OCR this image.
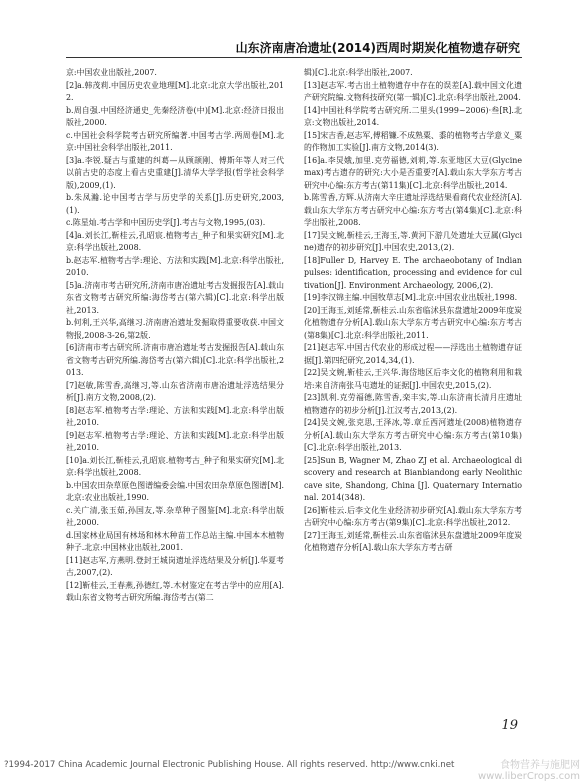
山东济南唐冶遗址(2014)西周时期炭化植物遗存研究

京:中国农业出版社,2007.

[2]a.韩茂莉.中国历史农业地理[M].北京:北京大学出版社,2012.

b.周自强.中国经济通史_先秦经济卷(中)[M].北京:经济日报出版社,2000.

c.中国社会科学院考古研究所编著.中国考古学.两周卷[M].北京:中国社会科学出版社,2011.

[3]a.李锐.疑古与重建的纠葛—从顾颉刚、傅斯年等人对三代以前古史的态度上看古史重建[J].清华大学学报(哲学社会科学版),2009,(1).

b.朱凤瀚.论中国考古学与历史学的关系[J].历史研究,2003,(1).

c.陈星灿.考古学和中国历史学[J].考古与文物,1995,(03).

[4]a.刘长江,靳桂云,孔昭宸.植物考古_种子和果实研究[M].北京:科学出版社,2008.

b.赵志军.植物考古学:理论、方法和实践[M].北京:科学出版社,2010.

[5]a.济南市考古研究所,济南市唐冶遗址考古发掘报告[A].载山东省文物考古研究所编:海岱考古(第六辑)[C].北京:科学出版社,2013.

b.何利,王兴华,高继习.济南唐冶遗址发掘取得重要收获.中国文物报,2008-3-26,第2版.

[6]济南市考古研究所.济南市唐冶遗址考古发掘报告[A].载山东省文物考古研究所编.海岱考古(第六辑)[C].北京:科学出版社,2013.

[7]赵敏,陈雪香,高继习,等.山东省济南市唐冶遗址浮选结果分析[J].南方文物,2008,(2).

[8]赵志军.植物考古学:理论、方法和实践[M].北京:科学出版社,2010.

[9]赵志军.植物考古学:理论、方法和实践[M].北京:科学出版社,2010.

[10]a.刘长江,靳桂云,孔昭宸.植物考古_种子和果实研究[M].北京:科学出版社,2008.

b.中国农田杂草原色图谱编委会编.中国农田杂草原色图谱[M].北京:农业出版社,1990.

c.关广清,张玉茹,孙国友,等.杂草种子图鉴[M].北京:科学出版社,2000.

d.国家林业局国有林场和林木种苗工作总站主编.中国本木植物种子.北京:中国林业出版社,2001.

[11]赵志军,方燕明.登封王城岗遗址浮选结果及分析[J].华夏考古,2007,(2).

[12]靳桂云,王春燕,孙德红,等.木材鉴定在考古学中的应用[A].载山东省文物考古研究所编.海岱考古(第二

辑)[C].北京:科学出版社,2007.

[13]赵志军.考古出土植物遗存中存在的误差[A].载中国文化遗产研究院编.文物科技研究(第一辑)[C].北京:科学出版社,2004.

[14]中国社科学院考古研究所.二里头(1999~2006)·叁[R].北京:文物出版社,2014.

[15]宋吉香,赵志军,傅稻镰.不成熟粟、黍的植物考古学意义_粟的作物加工实验[J].南方文物,2014(3).

[16]a.李炅娥,加里.克劳福德,刘莉,等.东亚地区大豆(Glycine max)考古遗存的研究:大小是否重要?[A].载山东大学东方考古研究中心编:东方考古(第11集)[C].北京:科学出版社,2014.

b.陈雪香,方辉.从济南大辛庄遗址浮选结果看商代农业经济[A].载山东大学东方考古研究中心编:东方考古(第4集)[C].北京:科学出版社,2008.

[17]吴文婉,靳桂云,王海玉,等.黄河下游几处遗址大豆属(Glycine)遗存的初步研究[J].中国农史,2013,(2).

[18]Fuller D, Harvey E. The archaeobotany of Indian pulses: identification, processing and evidence for cultivation[J]. Environment Archaeology, 2006,(2).

[19]李汉锦主编.中国牧草志[M].北京:中国农业出版社,1998.

[20]王海玉,刘延常,靳桂云.山东省临沭县东盘遗址2009年度炭化植物遗存分析[A].载山东大学东方考古研究中心编:东方考古(第8集)[C].北京:科学出版社,2011.

[21]赵志军.中国古代农业的形成过程——浮选出土植物遗存证据[J].第四纪研究,2014,34,(1).

[22]吴文婉,靳桂云,王兴华.海岱地区后李文化的植物利用和栽培:来自济南张马屯遗址的证据[J].中国农史,2015,(2).

[23]凯利.克劳福德,陈雪香,栾丰实,等.山东济南长清月庄遗址植物遗存的初步分析[J].江汉考古,2013,(2).

[24]吴文婉,张克思,王泽冰,等.章丘西河遗址(2008)植物遗存分析[A].载山东大学东方考古研究中心编:东方考古(第10集)[C].北京:科学出版社,2013.

[25]Sun B, Wagner M, Zhao ZJ et al. Archaeological discovery and research at Bianbiandong early Neolithic cave site, Shandong, China [J]. Quaternary International. 2014(348).

[26]靳桂云.后李文化生业经济初步研究[A].载山东大学东方考古研究中心编:东方考古(第9集)[C].北京:科学出版社,2012.

[27]王海玉,刘延常,靳桂云.山东省临沭县东盘遗址2009年度炭化植物遗存分析[A].载山东大学东方考古研

19
?1994-2017 China Academic Journal Electronic Publishing House. All rights reserved. http://www.cnki.net	食物营养与施肥网
www.liberCrops.com
